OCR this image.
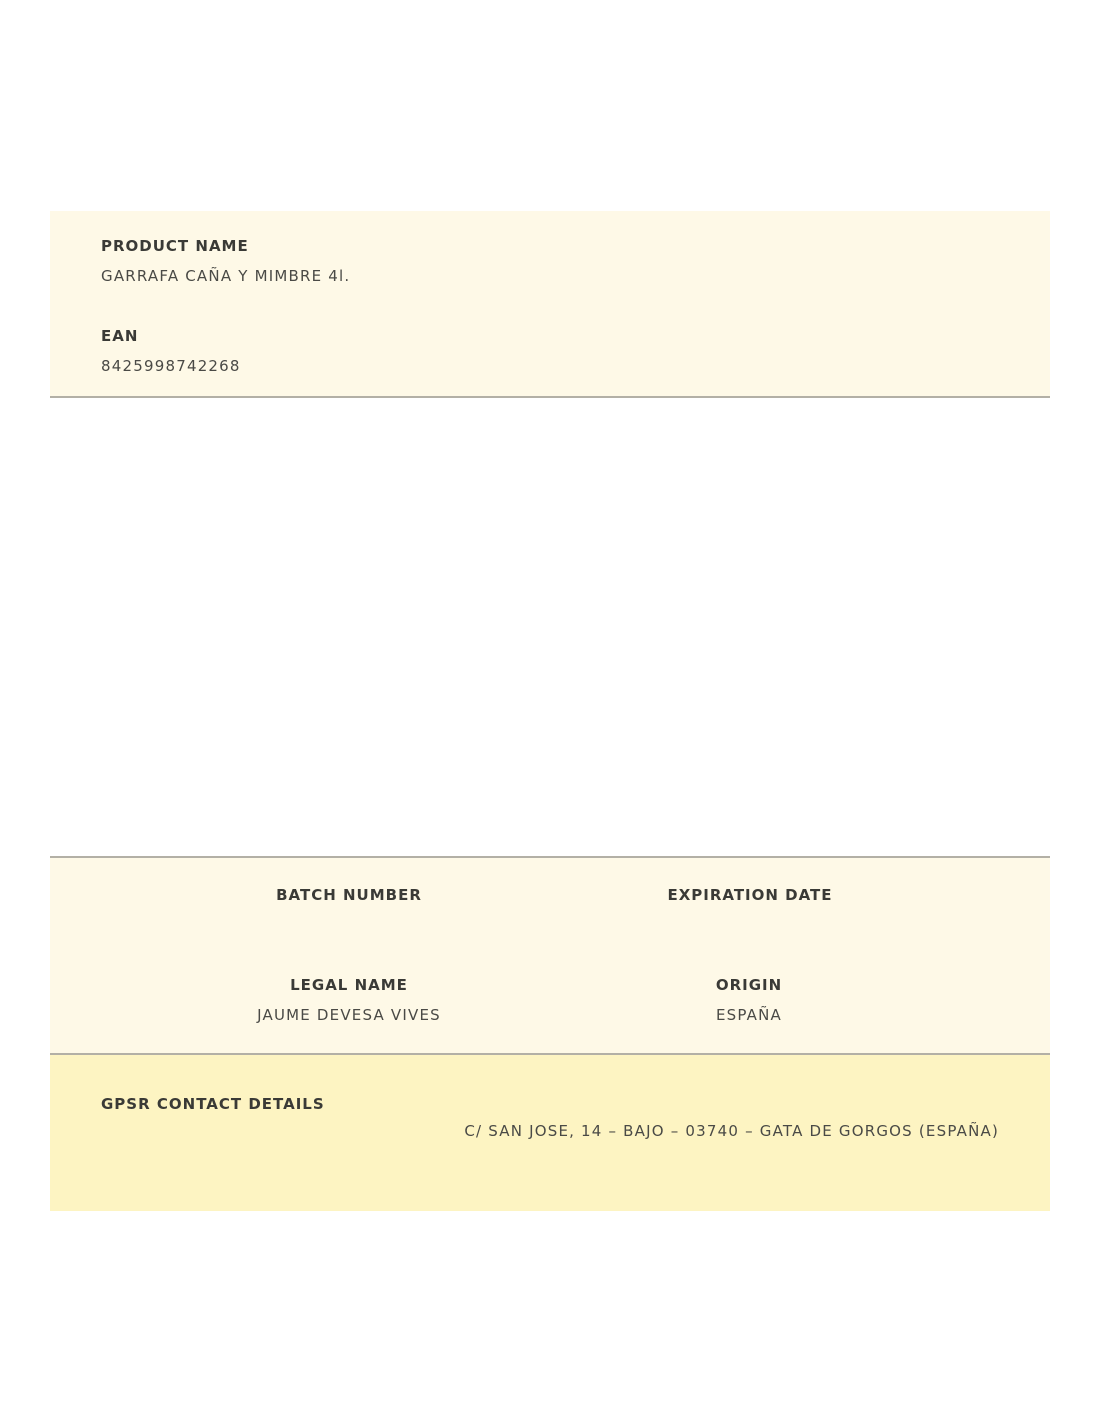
PRODUCT NAME
GARRAFA CAÑA Y MIMBRE 4l.
EAN
8425998742268
BATCH NUMBER	EXPIRATION DATE
LEGAL NAME
JAUME DEVESA VIVES
ORIGIN
ESPAÑA
GPSR CONTACT DETAILS
C/ SAN JOSE, 14 – BAJO – 03740 – GATA DE GORGOS (ESPAÑA)
